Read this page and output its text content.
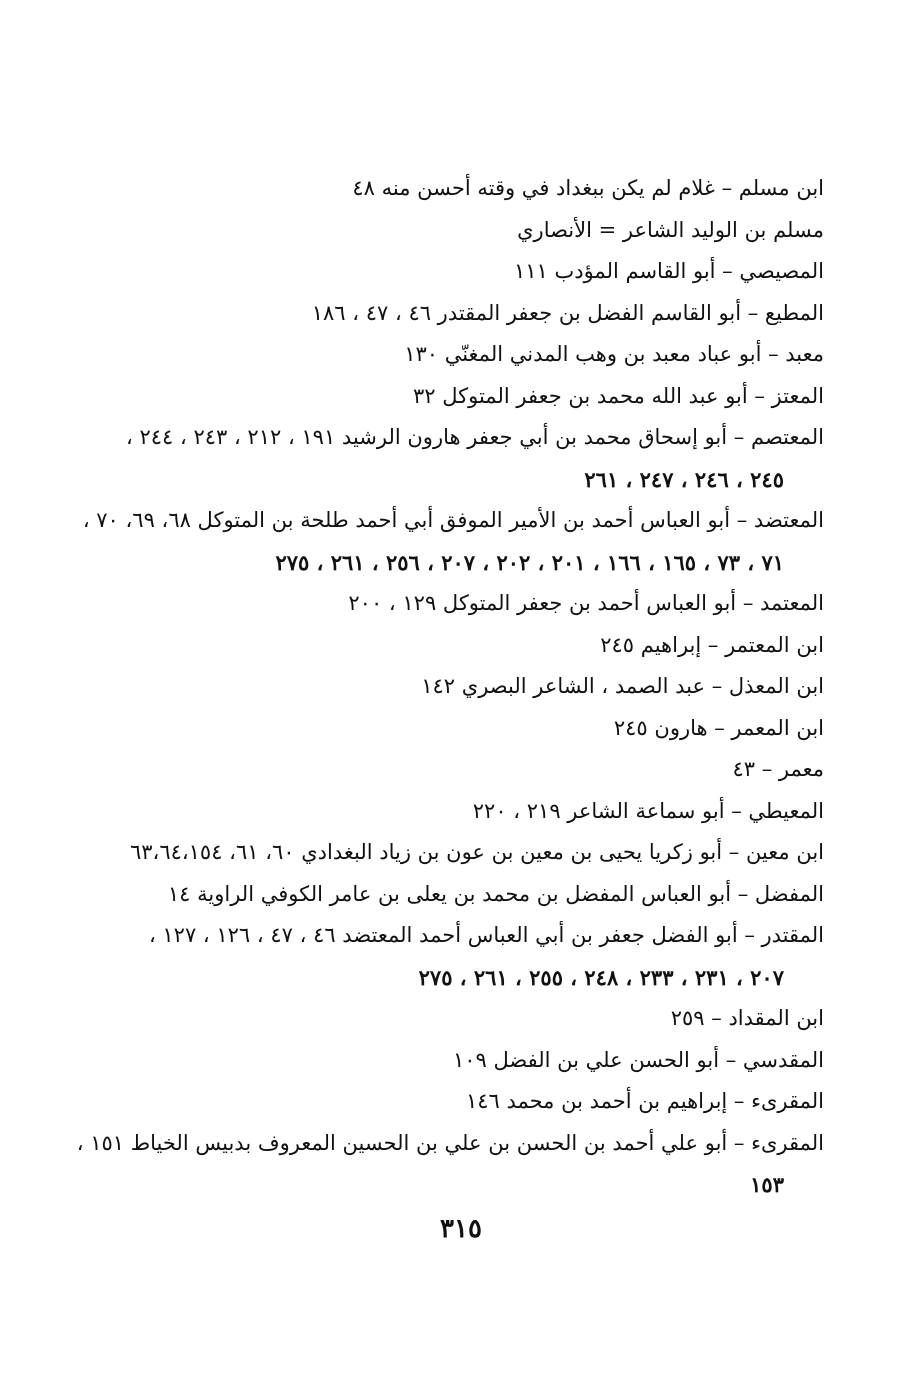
ابن مسلم – غلام لم يكن ببغداد في وقته أحسن منه ٤٨
مسلم بن الوليد الشاعر = الأنصاري
المصيصي – أبو القاسم المؤدب ١١١
المطيع – أبو القاسم الفضل بن جعفر المقتدر ٤٦ ، ٤٧ ، ١٨٦
معبد – أبو عباد معبد بن وهب المدني المغنّي ١٣٠
المعتز – أبو عبد الله محمد بن جعفر المتوكل ٣٢
المعتصم – أبو إسحاق محمد بن أبي جعفر هارون الرشيد ١٩١ ، ٢١٢ ، ٢٤٣ ، ٢٤٤ ،
٢٤٥ ، ٢٤٦ ، ٢٤٧ ، ٢٦١
المعتضد – أبو العباس أحمد بن الأمير الموفق أبي أحمد طلحة بن المتوكل ٦٨، ٦٩، ٧٠ ،
٧١ ، ٧٣ ، ١٦٥ ، ١٦٦ ، ٢٠١ ، ٢٠٢ ، ٢٠٧ ، ٢٥٦ ، ٢٦١ ، ٢٧٥
المعتمد – أبو العباس أحمد بن جعفر المتوكل ١٢٩ ، ٢٠٠
ابن المعتمر – إبراهيم ٢٤٥
ابن المعذل – عبد الصمد ، الشاعر البصري ١٤٢
ابن المعمر – هارون ٢٤٥
معمر – ٤٣
المعيطي – أبو سماعة الشاعر ٢١٩ ، ٢٢٠
ابن معين – أبو زكريا يحيى بن معين بن عون بن زياد البغدادي ٦٠، ٦١، ٦٣،٦٤،١٥٤
المفضل – أبو العباس المفضل بن محمد بن يعلى بن عامر الكوفي الراوية ١٤
المقتدر – أبو الفضل جعفر بن أبي العباس أحمد المعتضد ٤٦ ، ٤٧ ، ١٢٦ ، ١٢٧ ،
٢٠٧ ، ٢٣١ ، ٢٣٣ ، ٢٤٨ ، ٢٥٥ ، ٢٦١ ، ٢٧٥
ابن المقداد – ٢٥٩
المقدسي – أبو الحسن علي بن الفضل ١٠٩
المقرىء – إبراهيم بن أحمد بن محمد ١٤٦
المقرىء – أبو علي أحمد بن الحسن بن علي بن الحسين المعروف بدبيس الخياط ١٥١ ،
١٥٣
٣١٥
